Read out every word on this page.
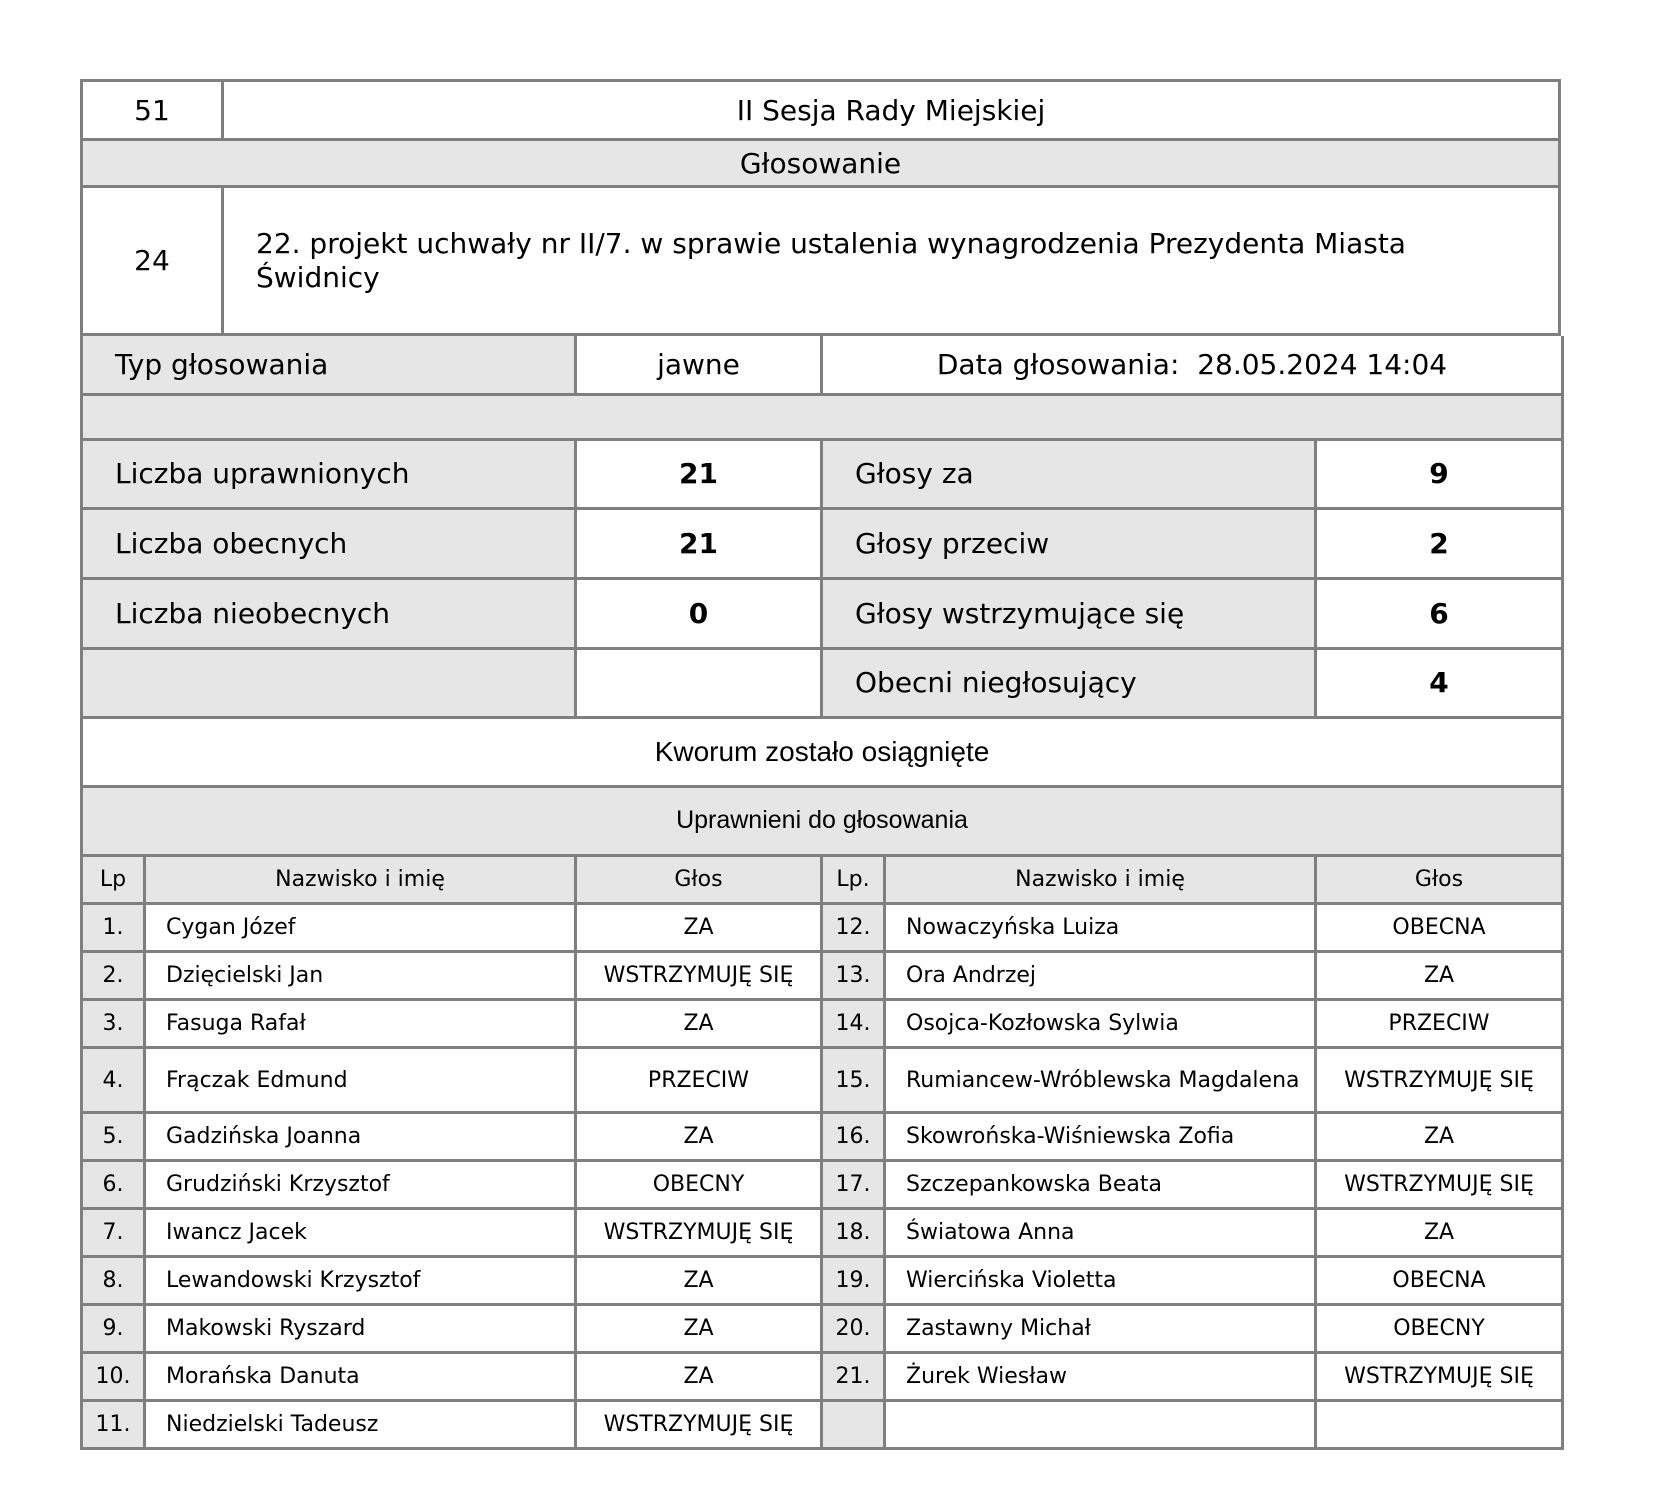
51	II Sesja Rady Miejskiej
Głosowanie	
24	22. projekt uchwały nr II/7. w sprawie ustalenia wynagrodzenia Prezydenta Miasta Świdnicy
Typ głosowania	jawne	Data głosowania: 28.05.2024 14:04	

Liczba uprawnionych	21	Głosy za	9
Liczba obecnych	21	Głosy przeciw	2
Liczba nieobecnych	0	Głosy wstrzymujące się	6
		Obecni niegłosujący	4
Kworum zostało osiągnięte			
Uprawnieni do głosowania			
Lp	Nazwisko i imię	Głos	Lp.	Nazwisko i imię	Głos
1.	Cygan Józef	ZA	12.	Nowaczyńska Luiza	OBECNA
2.	Dzięcielski Jan	WSTRZYMUJĘ SIĘ	13.	Ora Andrzej	ZA
3.	Fasuga Rafał	ZA	14.	Osojca-Kozłowska Sylwia	PRZECIW
4.	Frączak Edmund	PRZECIW	15.	Rumiancew-Wróblewska Magdalena	WSTRZYMUJĘ SIĘ
5.	Gadzińska Joanna	ZA	16.	Skowrońska-Wiśniewska Zofia	ZA
6.	Grudziński Krzysztof	OBECNY	17.	Szczepankowska Beata	WSTRZYMUJĘ SIĘ
7.	Iwancz Jacek	WSTRZYMUJĘ SIĘ	18.	Światowa Anna	ZA
8.	Lewandowski Krzysztof	ZA	19.	Wiercińska Violetta	OBECNA
9.	Makowski Ryszard	ZA	20.	Zastawny Michał	OBECNY
10.	Morańska Danuta	ZA	21.	Żurek Wiesław	WSTRZYMUJĘ SIĘ
11.	Niedzielski Tadeusz	WSTRZYMUJĘ SIĘ			
